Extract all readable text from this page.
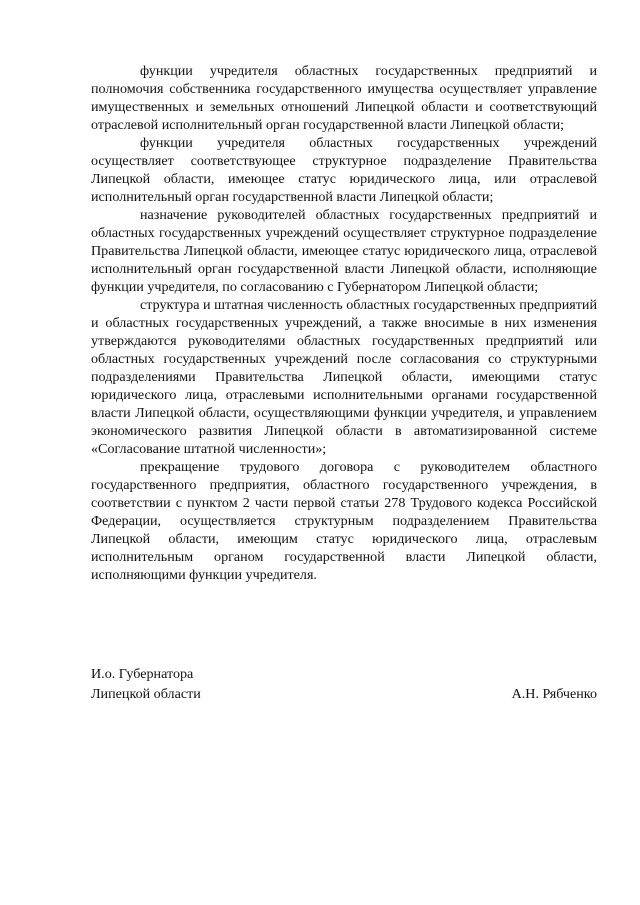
функции учредителя областных государственных предприятий и полномочия собственника государственного имущества осуществляет управление имущественных и земельных отношений Липецкой области и соответствующий отраслевой исполнительный орган государственной власти Липецкой области;

функции учредителя областных государственных учреждений осуществляет соответствующее структурное подразделение Правительства Липецкой области, имеющее статус юридического лица, или отраслевой исполнительный орган государственной власти Липецкой области;

назначение руководителей областных государственных предприятий и областных государственных учреждений осуществляет структурное подразделение Правительства Липецкой области, имеющее статус юридического лица, отраслевой исполнительный орган государственной власти Липецкой области, исполняющие функции учредителя, по согласованию с Губернатором Липецкой области;

структура и штатная численность областных государственных предприятий и областных государственных учреждений, а также вносимые в них изменения утверждаются руководителями областных государственных предприятий или областных государственных учреждений после согласования со структурными подразделениями Правительства Липецкой области, имеющими статус юридического лица, отраслевыми исполнительными органами государственной власти Липецкой области, осуществляющими функции учредителя, и управлением экономического развития Липецкой области в автоматизированной системе «Согласование штатной численности»;

прекращение трудового договора с руководителем областного государственного предприятия, областного государственного учреждения, в соответствии с пунктом 2 части первой статьи 278 Трудового кодекса Российской Федерации, осуществляется структурным подразделением Правительства Липецкой области, имеющим статус юридического лица, отраслевым исполнительным органом государственной власти Липецкой области, исполняющими функции учредителя.

И.о. Губернатора
Липецкой области	А.Н. Рябченко
